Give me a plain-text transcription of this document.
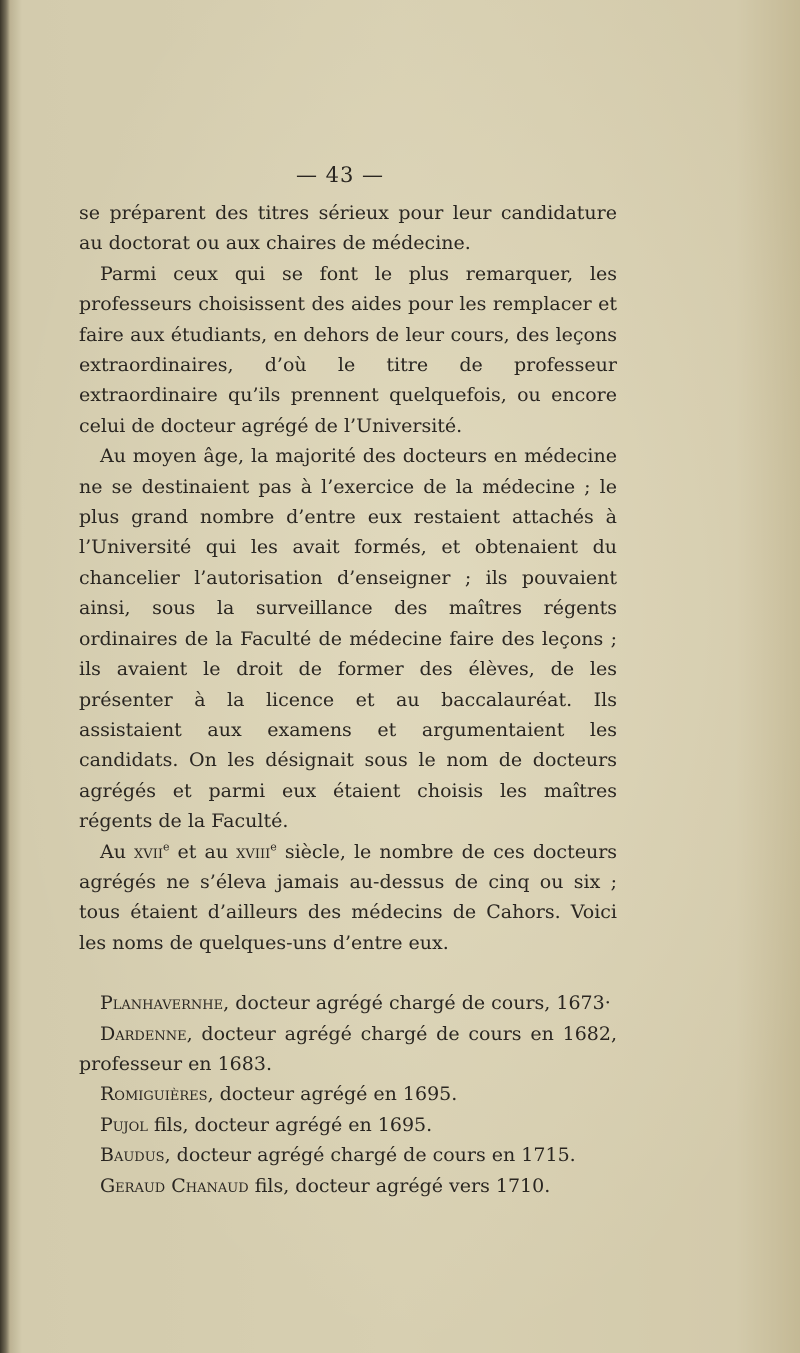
— 43 —

se préparent des titres sérieux pour leur candidature au doctorat ou aux chaires de médecine.

Parmi ceux qui se font le plus remarquer, les professeurs choisissent des aides pour les remplacer et faire aux étudiants, en dehors de leur cours, des leçons extraordinaires, d’où le titre de professeur extraordinaire qu’ils prennent quelquefois, ou encore celui de docteur agrégé de l’Université.

Au moyen âge, la majorité des docteurs en médecine ne se destinaient pas à l’exercice de la médecine ; le plus grand nombre d’entre eux restaient attachés à l’Université qui les avait formés, et obtenaient du chancelier l’autorisation d’enseigner ; ils pouvaient ainsi, sous la surveillance des maîtres régents ordinaires de la Faculté de médecine faire des leçons ; ils avaient le droit de former des élèves, de les présenter à la licence et au baccalauréat. Ils assistaient aux examens et argumentaient les candidats. On les désignait sous le nom de docteurs agrégés et parmi eux étaient choisis les maîtres régents de la Faculté.

Au xvii$^e$ et au xviii$^e$ siècle, le nombre de ces docteurs agrégés ne s’éleva jamais au-dessus de cinq ou six ; tous étaient d’ailleurs des médecins de Cahors. Voici les noms de quelques-uns d’entre eux.

Planhavernhe, docteur agrégé chargé de cours, 1673·

Dardenne, docteur agrégé chargé de cours en 1682, professeur en 1683.

Romiguières, docteur agrégé en 1695.

Pujol fils, docteur agrégé en 1695.

Baudus, docteur agrégé chargé de cours en 1715.

Geraud Chanaud fils, docteur agrégé vers 1710.
